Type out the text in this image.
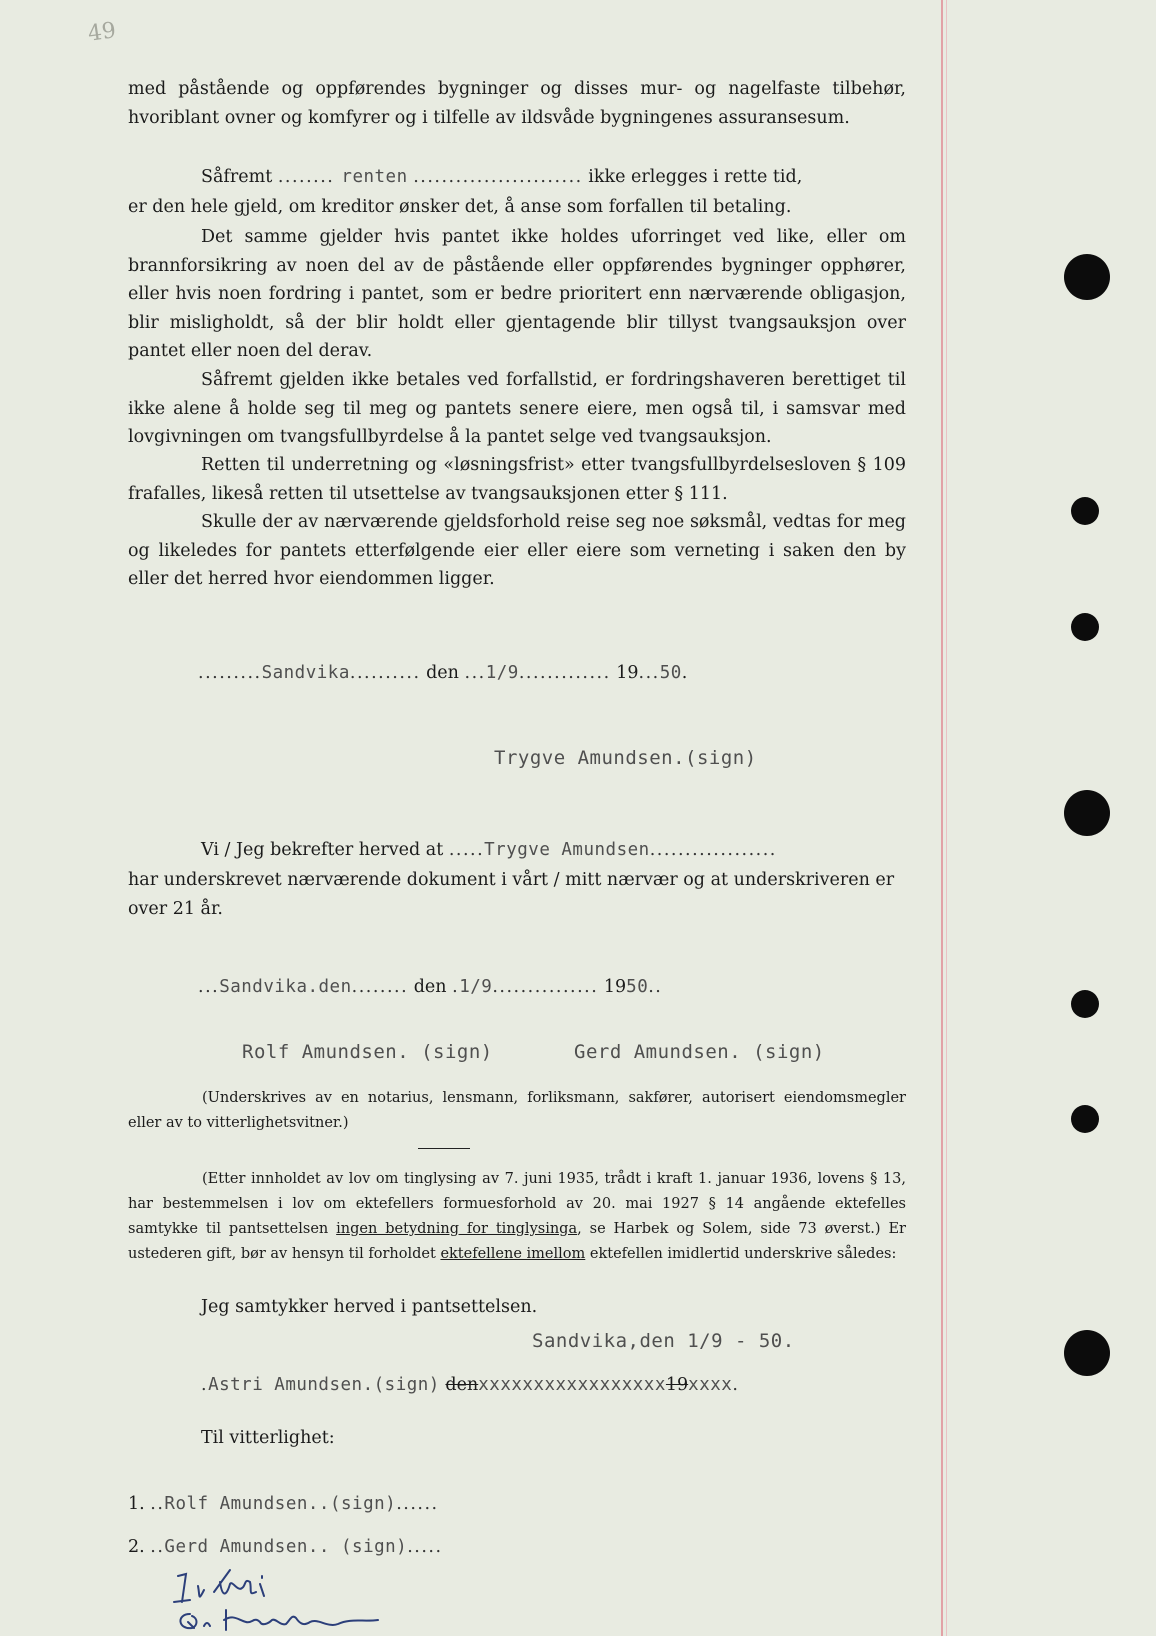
49
med påstående og oppførendes bygninger og disses mur- og nagelfaste tilbehør, hvoriblant ovner og komfyrer og i tilfelle av ildsvåde bygningenes assuransesum.
Såfremt ........ renten ........................ ikke erlegges i rette tid,
er den hele gjeld, om kreditor ønsker det, å anse som forfallen til betaling.
Det samme gjelder hvis pantet ikke holdes uforringet ved like, eller om brannforsikring av noen del av de påstående eller oppførendes bygninger opphører, eller hvis noen fordring i pantet, som er bedre prioritert enn nærværende obligasjon, blir misligholdt, så der blir holdt eller gjentagende blir tillyst tvangsauksjon over pantet eller noen del derav.
Såfremt gjelden ikke betales ved forfallstid, er fordringshaveren berettiget til ikke alene å holde seg til meg og pantets senere eiere, men også til, i samsvar med lovgivningen om tvangsfullbyrdelse å la pantet selge ved tvangsauksjon.
Retten til underretning og «løsningsfrist» etter tvangsfullbyrdelsesloven § 109 frafalles, likeså retten til utsettelse av tvangsauksjonen etter § 111.
Skulle der av nærværende gjeldsforhold reise seg noe søksmål, vedtas for meg og likeledes for pantets etterfølgende eier eller eiere som verneting i saken den by eller det herred hvor eiendommen ligger.
.........Sandvika.......... den ...1/9............. 19...50.
Trygve Amundsen.(sign)
Vi / Jeg bekrefter herved at .....Trygve Amundsen..................
har underskrevet nærværende dokument i vårt / mitt nærvær og at underskriveren er
over 21 år.
...Sandvika.den........ den .1/9............... 1950..
Rolf Amundsen. (sign)	Gerd Amundsen. (sign)
(Underskrives av en notarius, lensmann, forliksmann, sakfører, autorisert eiendomsmegler eller av to vitterlighetsvitner.)
(Etter innholdet av lov om tinglysing av 7. juni 1935, trådt i kraft 1. januar 1936, lovens § 13, har bestemmelsen i lov om ektefellers formuesforhold av 20. mai 1927 § 14 angående ektefelles samtykke til pantsettelsen ingen betydning for tinglysinga, se Harbek og Solem, side 73 øverst.) Er ustederen gift, bør av hensyn til forholdet ektefellene imellom ektefellen imidlertid underskrive således:
Jeg samtykker herved i pantsettelsen.
Sandvika,den 1/9 - 50.
.Astri Amundsen.(sign) denxxxxxxxxxxxxxxxxx19xxxx.
Til vitterlighet:
1. ..Rolf Amundsen..(sign)......
2. ..Gerd Amundsen.. (sign).....
